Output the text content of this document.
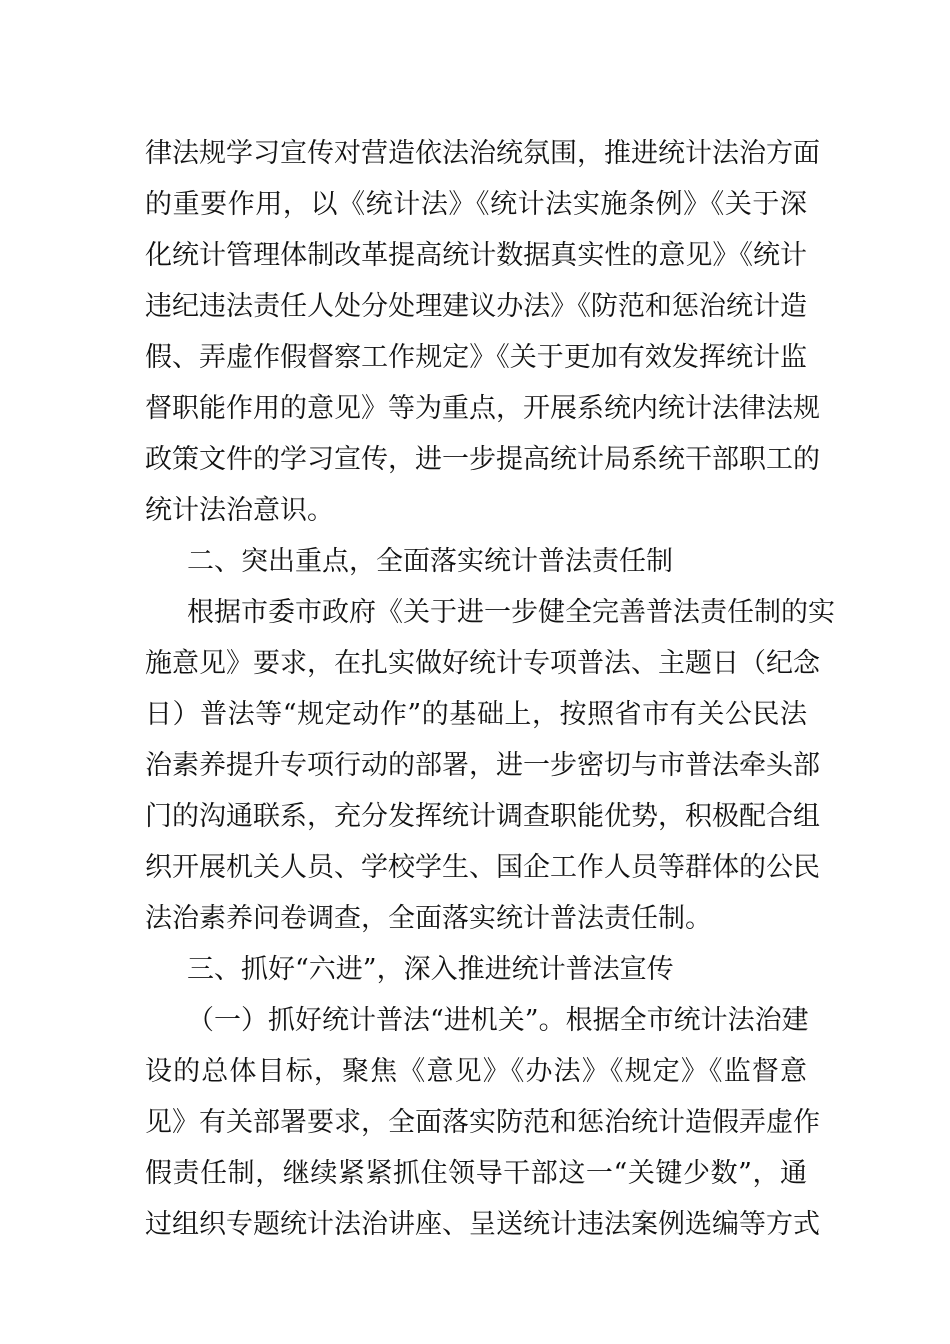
律法规学习宣传对营造依法治统氛围，推进统计法治方面
的重要作用，以《统计法》《统计法实施条例》《关于深
化统计管理体制改革提高统计数据真实性的意见》《统计
违纪违法责任人处分处理建议办法》《防范和惩治统计造
假、弄虚作假督察工作规定》《关于更加有效发挥统计监
督职能作用的意见》等为重点，开展系统内统计法律法规
政策文件的学习宣传，进一步提高统计局系统干部职工的
统计法治意识。
二、突出重点，全面落实统计普法责任制
根据市委市政府《关于进一步健全完善普法责任制的实
施意见》要求，在扎实做好统计专项普法、主题日（纪念
日）普法等“规定动作”的基础上，按照省市有关公民法
治素养提升专项行动的部署，进一步密切与市普法牵头部
门的沟通联系，充分发挥统计调查职能优势，积极配合组
织开展机关人员、学校学生、国企工作人员等群体的公民
法治素养问卷调查，全面落实统计普法责任制。
三、抓好“六进”，深入推进统计普法宣传
（一）抓好统计普法“进机关”。根据全市统计法治建
设的总体目标，聚焦《意见》《办法》《规定》《监督意
见》有关部署要求，全面落实防范和惩治统计造假弄虚作
假责任制，继续紧紧抓住领导干部这一“关键少数”，通
过组织专题统计法治讲座、呈送统计违法案例选编等方式
